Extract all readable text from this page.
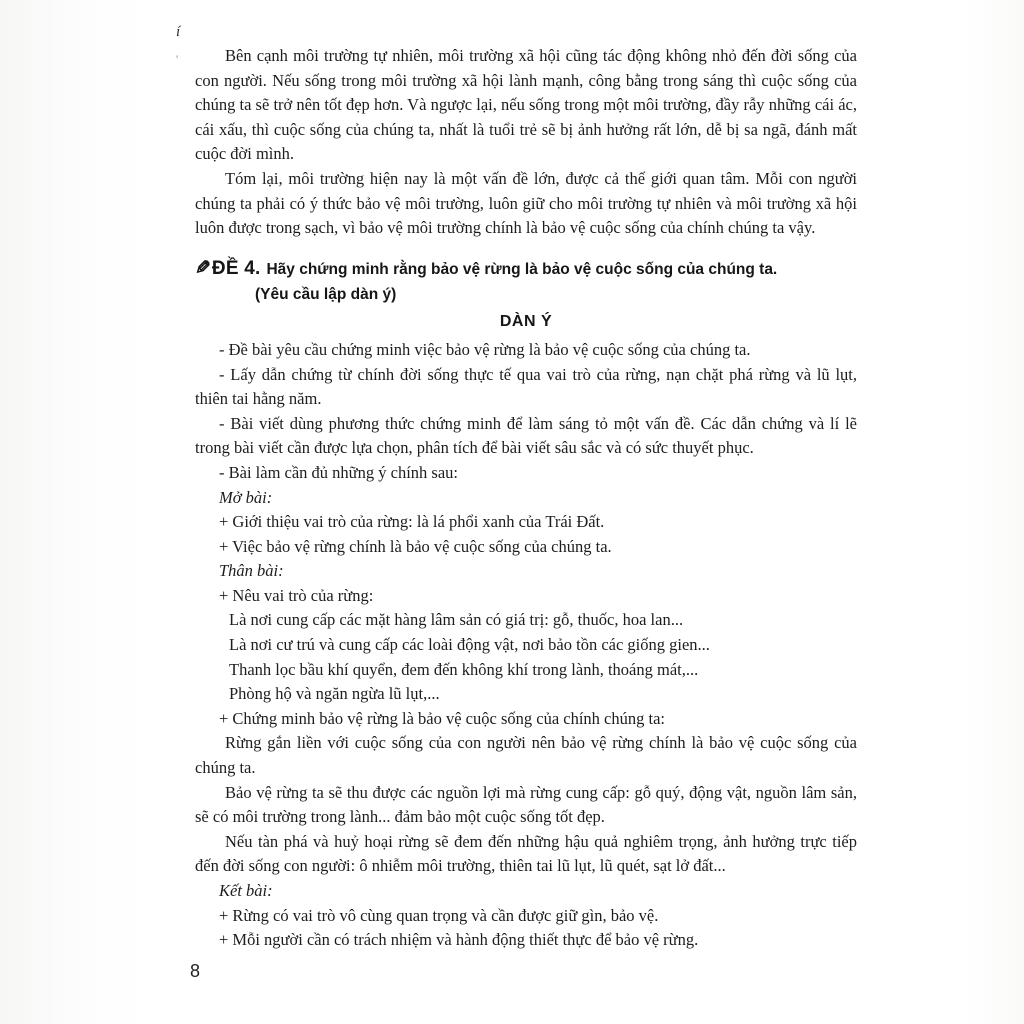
í
'	Bên cạnh môi trường tự nhiên, môi trường xã hội cũng tác động không nhỏ đến đời sống của con người. Nếu sống trong môi trường xã hội lành mạnh, công bằng trong sáng thì cuộc sống của chúng ta sẽ trở nên tốt đẹp hơn. Và ngược lại, nếu sống trong một môi trường, đầy rẫy những cái ác, cái xấu, thì cuộc sống của chúng ta, nhất là tuổi trẻ sẽ bị ảnh hưởng rất lớn, dễ bị sa ngã, đánh mất cuộc đời mình.

Tóm lại, môi trường hiện nay là một vấn đề lớn, được cả thế giới quan tâm. Mỗi con người chúng ta phải có ý thức bảo vệ môi trường, luôn giữ cho môi trường tự nhiên và môi trường xã hội luôn được trong sạch, vì bảo vệ môi trường chính là bảo vệ cuộc sống của chính chúng ta vậy.

✎ĐỀ 4. Hãy chứng minh rằng bảo vệ rừng là bảo vệ cuộc sống của chúng ta.

(Yêu cầu lập dàn ý)

DÀN Ý

- Đề bài yêu cầu chứng minh việc bảo vệ rừng là bảo vệ cuộc sống của chúng ta.

- Lấy dẫn chứng từ chính đời sống thực tế qua vai trò của rừng, nạn chặt phá rừng và lũ lụt, thiên tai hằng năm.

- Bài viết dùng phương thức chứng minh để làm sáng tỏ một vấn đề. Các dẫn chứng và lí lẽ trong bài viết cần được lựa chọn, phân tích để bài viết sâu sắc và có sức thuyết phục.

- Bài làm cần đủ những ý chính sau:

Mở bài:

+ Giới thiệu vai trò của rừng: là lá phổi xanh của Trái Đất.

+ Việc bảo vệ rừng chính là bảo vệ cuộc sống của chúng ta.

Thân bài:

+ Nêu vai trò của rừng:

Là nơi cung cấp các mặt hàng lâm sản có giá trị: gỗ, thuốc, hoa lan...

Là nơi cư trú và cung cấp các loài động vật, nơi bảo tồn các giống gien...

Thanh lọc bầu khí quyển, đem đến không khí trong lành, thoáng mát,...

Phòng hộ và ngăn ngừa lũ lụt,...

+ Chứng minh bảo vệ rừng là bảo vệ cuộc sống của chính chúng ta:

Rừng gắn liền với cuộc sống của con người nên bảo vệ rừng chính là bảo vệ cuộc sống của chúng ta.

Bảo vệ rừng ta sẽ thu được các nguồn lợi mà rừng cung cấp: gỗ quý, động vật, nguồn lâm sản, sẽ có môi trường trong lành... đảm bảo một cuộc sống tốt đẹp.

Nếu tàn phá và huỷ hoại rừng sẽ đem đến những hậu quả nghiêm trọng, ảnh hưởng trực tiếp đến đời sống con người: ô nhiễm môi trường, thiên tai lũ lụt, lũ quét, sạt lở đất...

Kết bài:

+ Rừng có vai trò vô cùng quan trọng và cần được giữ gìn, bảo vệ.

+ Mỗi người cần có trách nhiệm và hành động thiết thực để bảo vệ rừng.

8
